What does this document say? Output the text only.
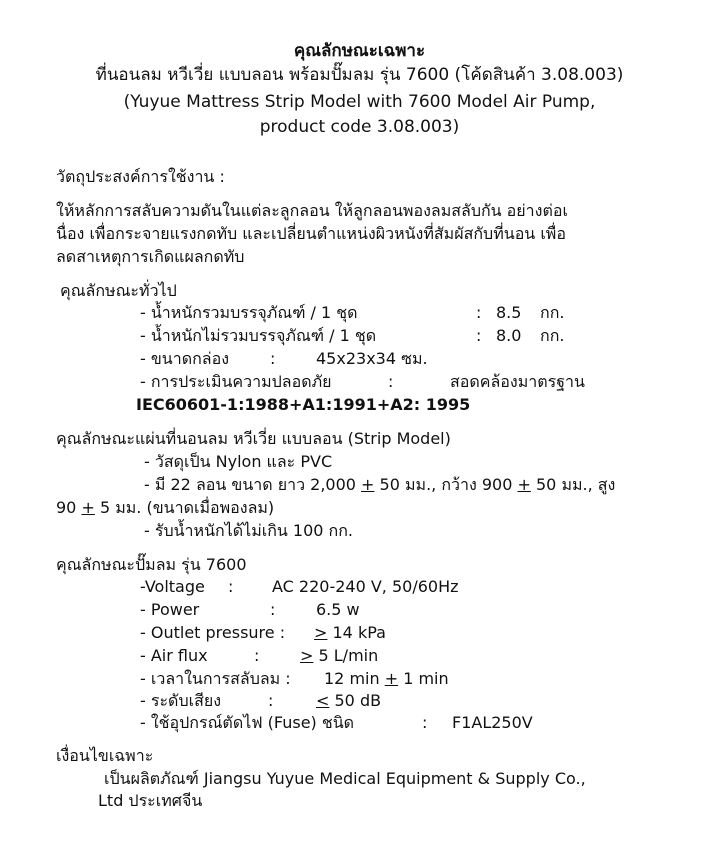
คุณลักษณะเฉพาะ
ที่นอนลม หวีเวี่ย แบบลอน พร้อมปั๊มลม รุ่น 7600 (โค้ดสินค้า 3.08.003)
(Yuyue Mattress Strip Model with 7600 Model Air Pump,
product code 3.08.003)
วัตถุประสงค์การใช้งาน :
ให้หลักการสลับความดันในแต่ละลูกลอน ให้ลูกลอนพองลมสลับกัน อย่างต่อเ
นื่อง เพื่อกระจายแรงกดทับ และเปลี่ยนตำแหน่งผิวหนังที่สัมผัสกับที่นอน เพื่อ
ลดสาเหตุการเกิดแผลกดทับ
คุณลักษณะทั่วไป
- น้ำหนักรวมบรรจุภัณฑ์ / 1 ชุด	: 8.5 กก.
- น้ำหนักไม่รวมบรรจุภัณฑ์ / 1 ชุด	: 8.0 กก.
- ขนาดกล่อง	:	45x23x34 ซม.
- การประเมินความปลอดภัย	:	สอดคล้องมาตรฐาน
IEC60601-1:1988+A1:1991+A2: 1995
คุณลักษณะแผ่นที่นอนลม หวีเวี่ย แบบลอน (Strip Model)
- วัสดุเป็น Nylon และ PVC
- มี 22 ลอน ขนาด ยาว 2,000 + 50 มม., กว้าง 900 + 50 มม., สูง
90 + 5 มม. (ขนาดเมื่อพองลม)
- รับน้ำหนักได้ไม่เกิน 100 กก.
คุณลักษณะปั๊มลม รุ่น 7600
-Voltage : AC 220-240 V, 50/60Hz
- Power	:	6.5 w
- Outlet pressure : > 14 kPa
- Air flux	:	> 5 L/min
- เวลาในการสลับลม : 12 min + 1 min
- ระดับเสียง	:	< 50 dB
- ใช้อุปกรณ์ตัดไฟ (Fuse) ชนิด	: F1AL250V
เงื่อนไขเฉพาะ
เป็นผลิตภัณฑ์ Jiangsu Yuyue Medical Equipment & Supply Co.,
Ltd ประเทศจีน
